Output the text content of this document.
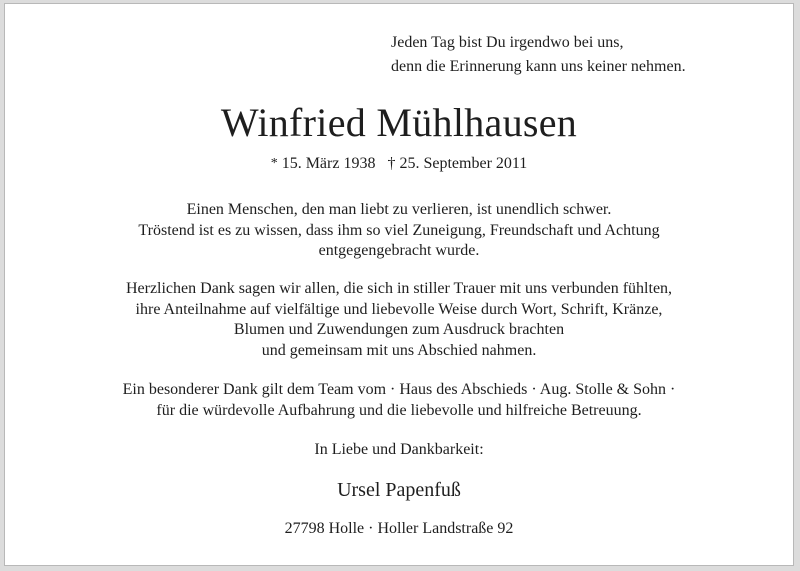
Jeden Tag bist Du irgendwo bei uns,
denn die Erinnerung kann uns keiner nehmen.
Winfried Mühlhausen
* 15. März 1938 † 25. September 2011
Einen Menschen, den man liebt zu verlieren, ist unendlich schwer.
Tröstend ist es zu wissen, dass ihm so viel Zuneigung, Freundschaft und Achtung
entgegengebracht wurde.
Herzlichen Dank sagen wir allen, die sich in stiller Trauer mit uns verbunden fühlten,
ihre Anteilnahme auf vielfältige und liebevolle Weise durch Wort, Schrift, Kränze,
Blumen und Zuwendungen zum Ausdruck brachten
und gemeinsam mit uns Abschied nahmen.
Ein besonderer Dank gilt dem Team vom · Haus des Abschieds · Aug. Stolle & Sohn ·
für die würdevolle Aufbahrung und die liebevolle und hilfreiche Betreuung.
In Liebe und Dankbarkeit:
Ursel Papenfuß
27798 Holle · Holler Landstraße 92
